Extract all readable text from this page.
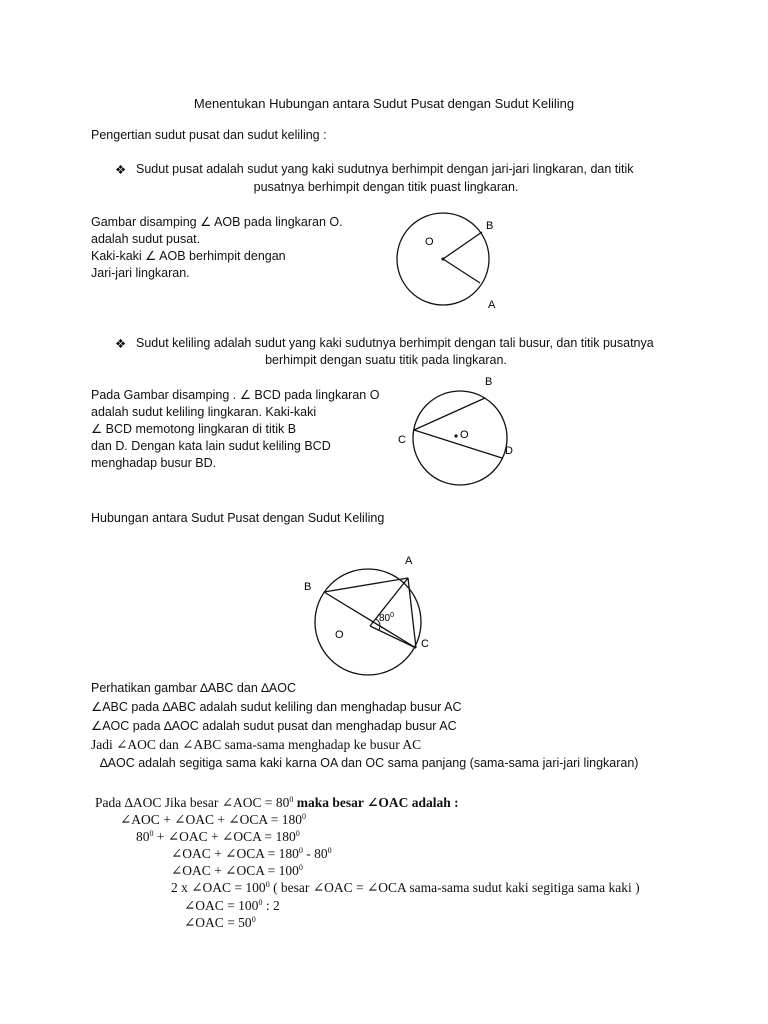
Menentukan Hubungan antara Sudut Pusat dengan Sudut Keliling
Pengertian sudut pusat dan sudut keliling :
❖ Sudut pusat adalah sudut yang kaki sudutnya berhimpit dengan jari-jari lingkaran, dan titik
pusatnya berhimpit dengan titik puast lingkaran.
Gambar disamping ∠ AOB pada lingkaran O.
adalah sudut pusat.
Kaki-kaki ∠ AOB berhimpit dengan
Jari-jari lingkaran.
B
O
A
❖ Sudut keliling adalah sudut yang kaki sudutnya berhimpit dengan tali busur, dan titik pusatnya
berhimpit dengan suatu titik pada lingkaran.
Pada Gambar disamping . ∠ BCD pada lingkaran O
adalah sudut keliling lingkaran. Kaki-kaki
∠ BCD memotong lingkaran di titik B
dan D. Dengan kata lain sudut keliling BCD
menghadap busur BD.
B
C	O
D
Hubungan antara Sudut Pusat dengan Sudut Keliling
A
B
O
C
$80^0$
Perhatikan gambar ∆ABC dan ∆AOC
∠ABC pada ∆ABC adalah sudut keliling dan menghadap busur AC
∠AOC pada ∆AOC adalah sudut pusat dan menghadap busur AC
Jadi ∠AOC dan ∠ABC sama-sama menghadap ke busur AC
∆AOC adalah segitiga sama kaki karna OA dan OC sama panjang (sama-sama jari-jari lingkaran)
Pada ∆AOC Jika besar ∠AOC = $80^0$ maka besar ∠OAC adalah :
∠AOC + ∠OAC + ∠OCA = $180^0$
$80^0$ + ∠OAC + ∠OCA = $180^0$
∠OAC + ∠OCA = $180^0 - 80^0$
∠OAC + ∠OCA = $100^0$
2 x ∠OAC = $100^0$ ( besar ∠OAC = ∠OCA sama-sama sudut kaki segitiga sama kaki )
∠OAC = $100^0$ : 2
∠OAC = $50^0$
